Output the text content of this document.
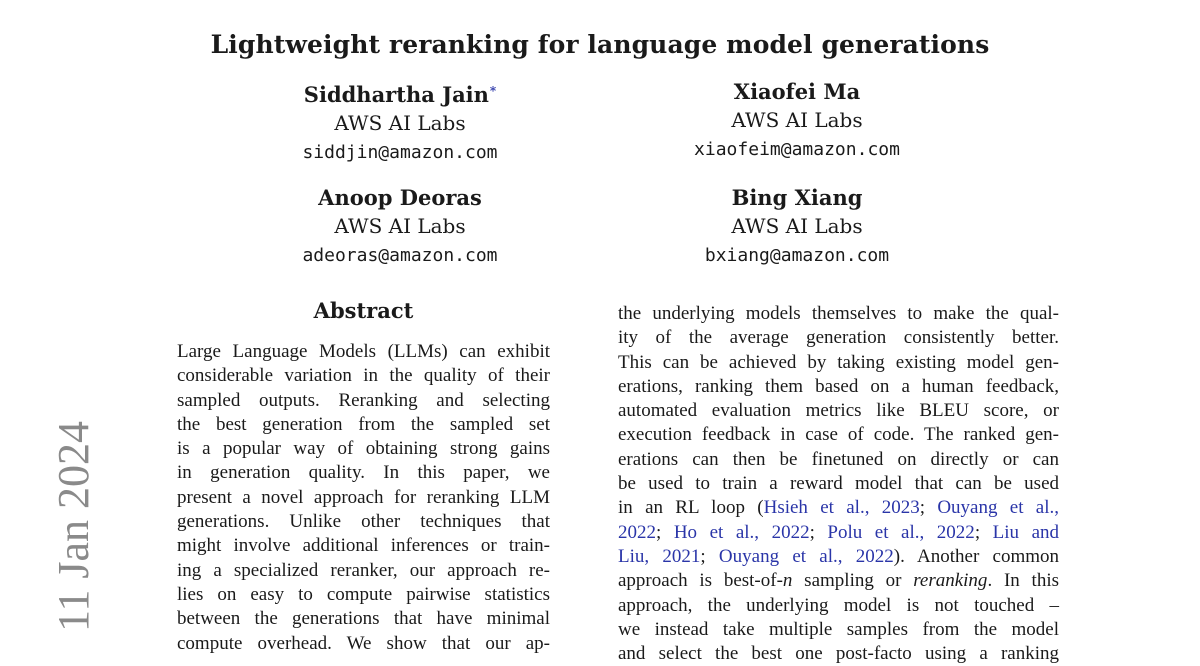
Lightweight reranking for language model generations
Siddhartha Jain*
AWS AI Labs
siddjin@amazon.com
Xiaofei Ma
AWS AI Labs
xiaofeim@amazon.com
Anoop Deoras
AWS AI Labs
adeoras@amazon.com
Bing Xiang
AWS AI Labs
bxiang@amazon.com
Abstract
Large Language Models (LLMs) can exhibit
considerable variation in the quality of their
sampled outputs. Reranking and selecting
the best generation from the sampled set
is a popular way of obtaining strong gains
in generation quality. In this paper, we
present a novel approach for reranking LLM
generations. Unlike other techniques that
might involve additional inferences or train-
ing a specialized reranker, our approach re-
lies on easy to compute pairwise statistics
between the generations that have minimal
compute overhead. We show that our ap-
the underlying models themselves to make the qual-
ity of the average generation consistently better.
This can be achieved by taking existing model gen-
erations, ranking them based on a human feedback,
automated evaluation metrics like BLEU score, or
execution feedback in case of code. The ranked gen-
erations can then be finetuned on directly or can
be used to train a reward model that can be used
in an RL loop (Hsieh et al., 2023; Ouyang et al.,
2022; Ho et al., 2022; Polu et al., 2022; Liu and
Liu, 2021; Ouyang et al., 2022). Another common
approach is best-of-n sampling or reranking. In this
approach, the underlying model is not touched –
we instead take multiple samples from the model
and select the best one post-facto using a ranking
11 Jan 2024
